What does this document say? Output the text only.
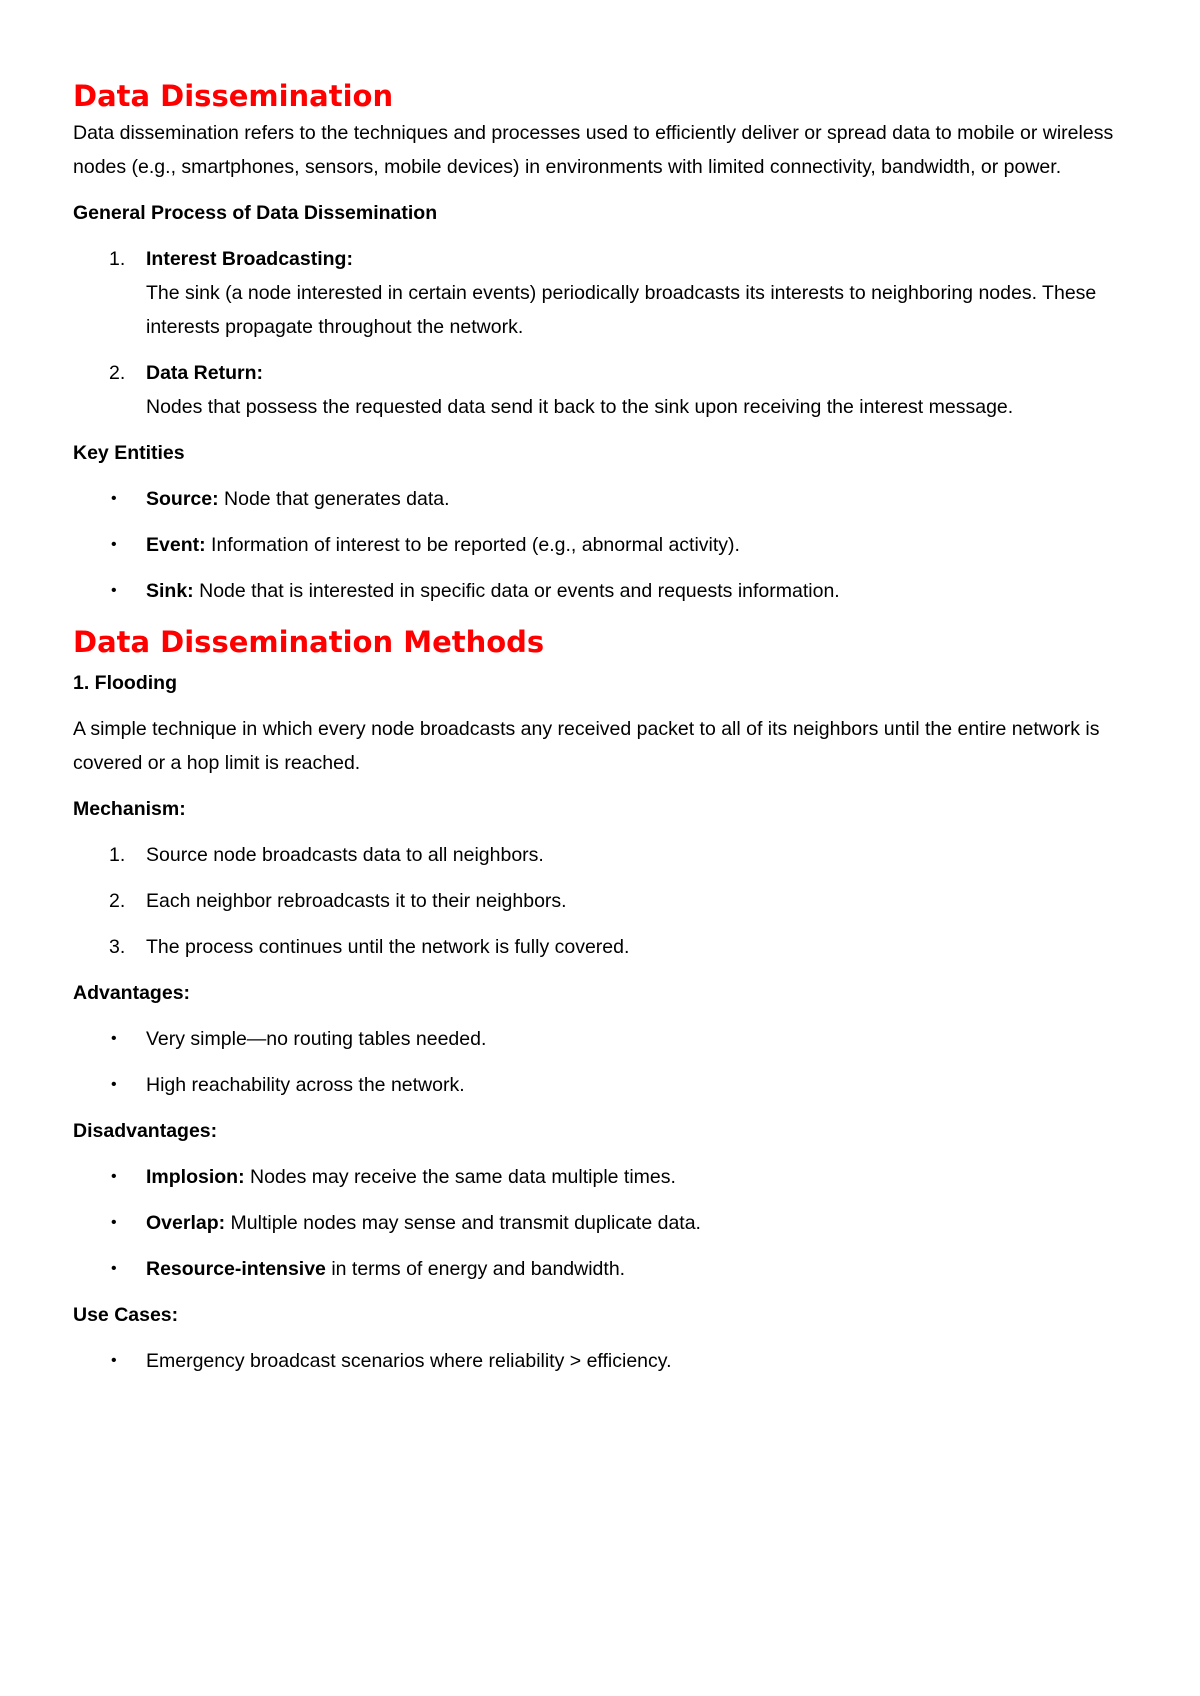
Data Dissemination

Data dissemination refers to the techniques and processes used to efficiently deliver or spread data to mobile or wireless nodes (e.g., smartphones, sensors, mobile devices) in environments with limited connectivity, bandwidth, or power.

General Process of Data Dissemination

1. Interest Broadcasting:
The sink (a node interested in certain events) periodically broadcasts its interests to neighboring nodes. These interests propagate throughout the network.
2. Data Return:
Nodes that possess the requested data send it back to the sink upon receiving the interest message.

Key Entities

• Source: Node that generates data.
• Event: Information of interest to be reported (e.g., abnormal activity).
• Sink: Node that is interested in specific data or events and requests information.
Data Dissemination Methods

1. Flooding

A simple technique in which every node broadcasts any received packet to all of its neighbors until the entire network is covered or a hop limit is reached.

Mechanism:

1. Source node broadcasts data to all neighbors.
2. Each neighbor rebroadcasts it to their neighbors.
3. The process continues until the network is fully covered.

Advantages:

• Very simple—no routing tables needed.
• High reachability across the network.

Disadvantages:

• Implosion: Nodes may receive the same data multiple times.
• Overlap: Multiple nodes may sense and transmit duplicate data.
• Resource-intensive in terms of energy and bandwidth.

Use Cases:

• Emergency broadcast scenarios where reliability > efficiency.
